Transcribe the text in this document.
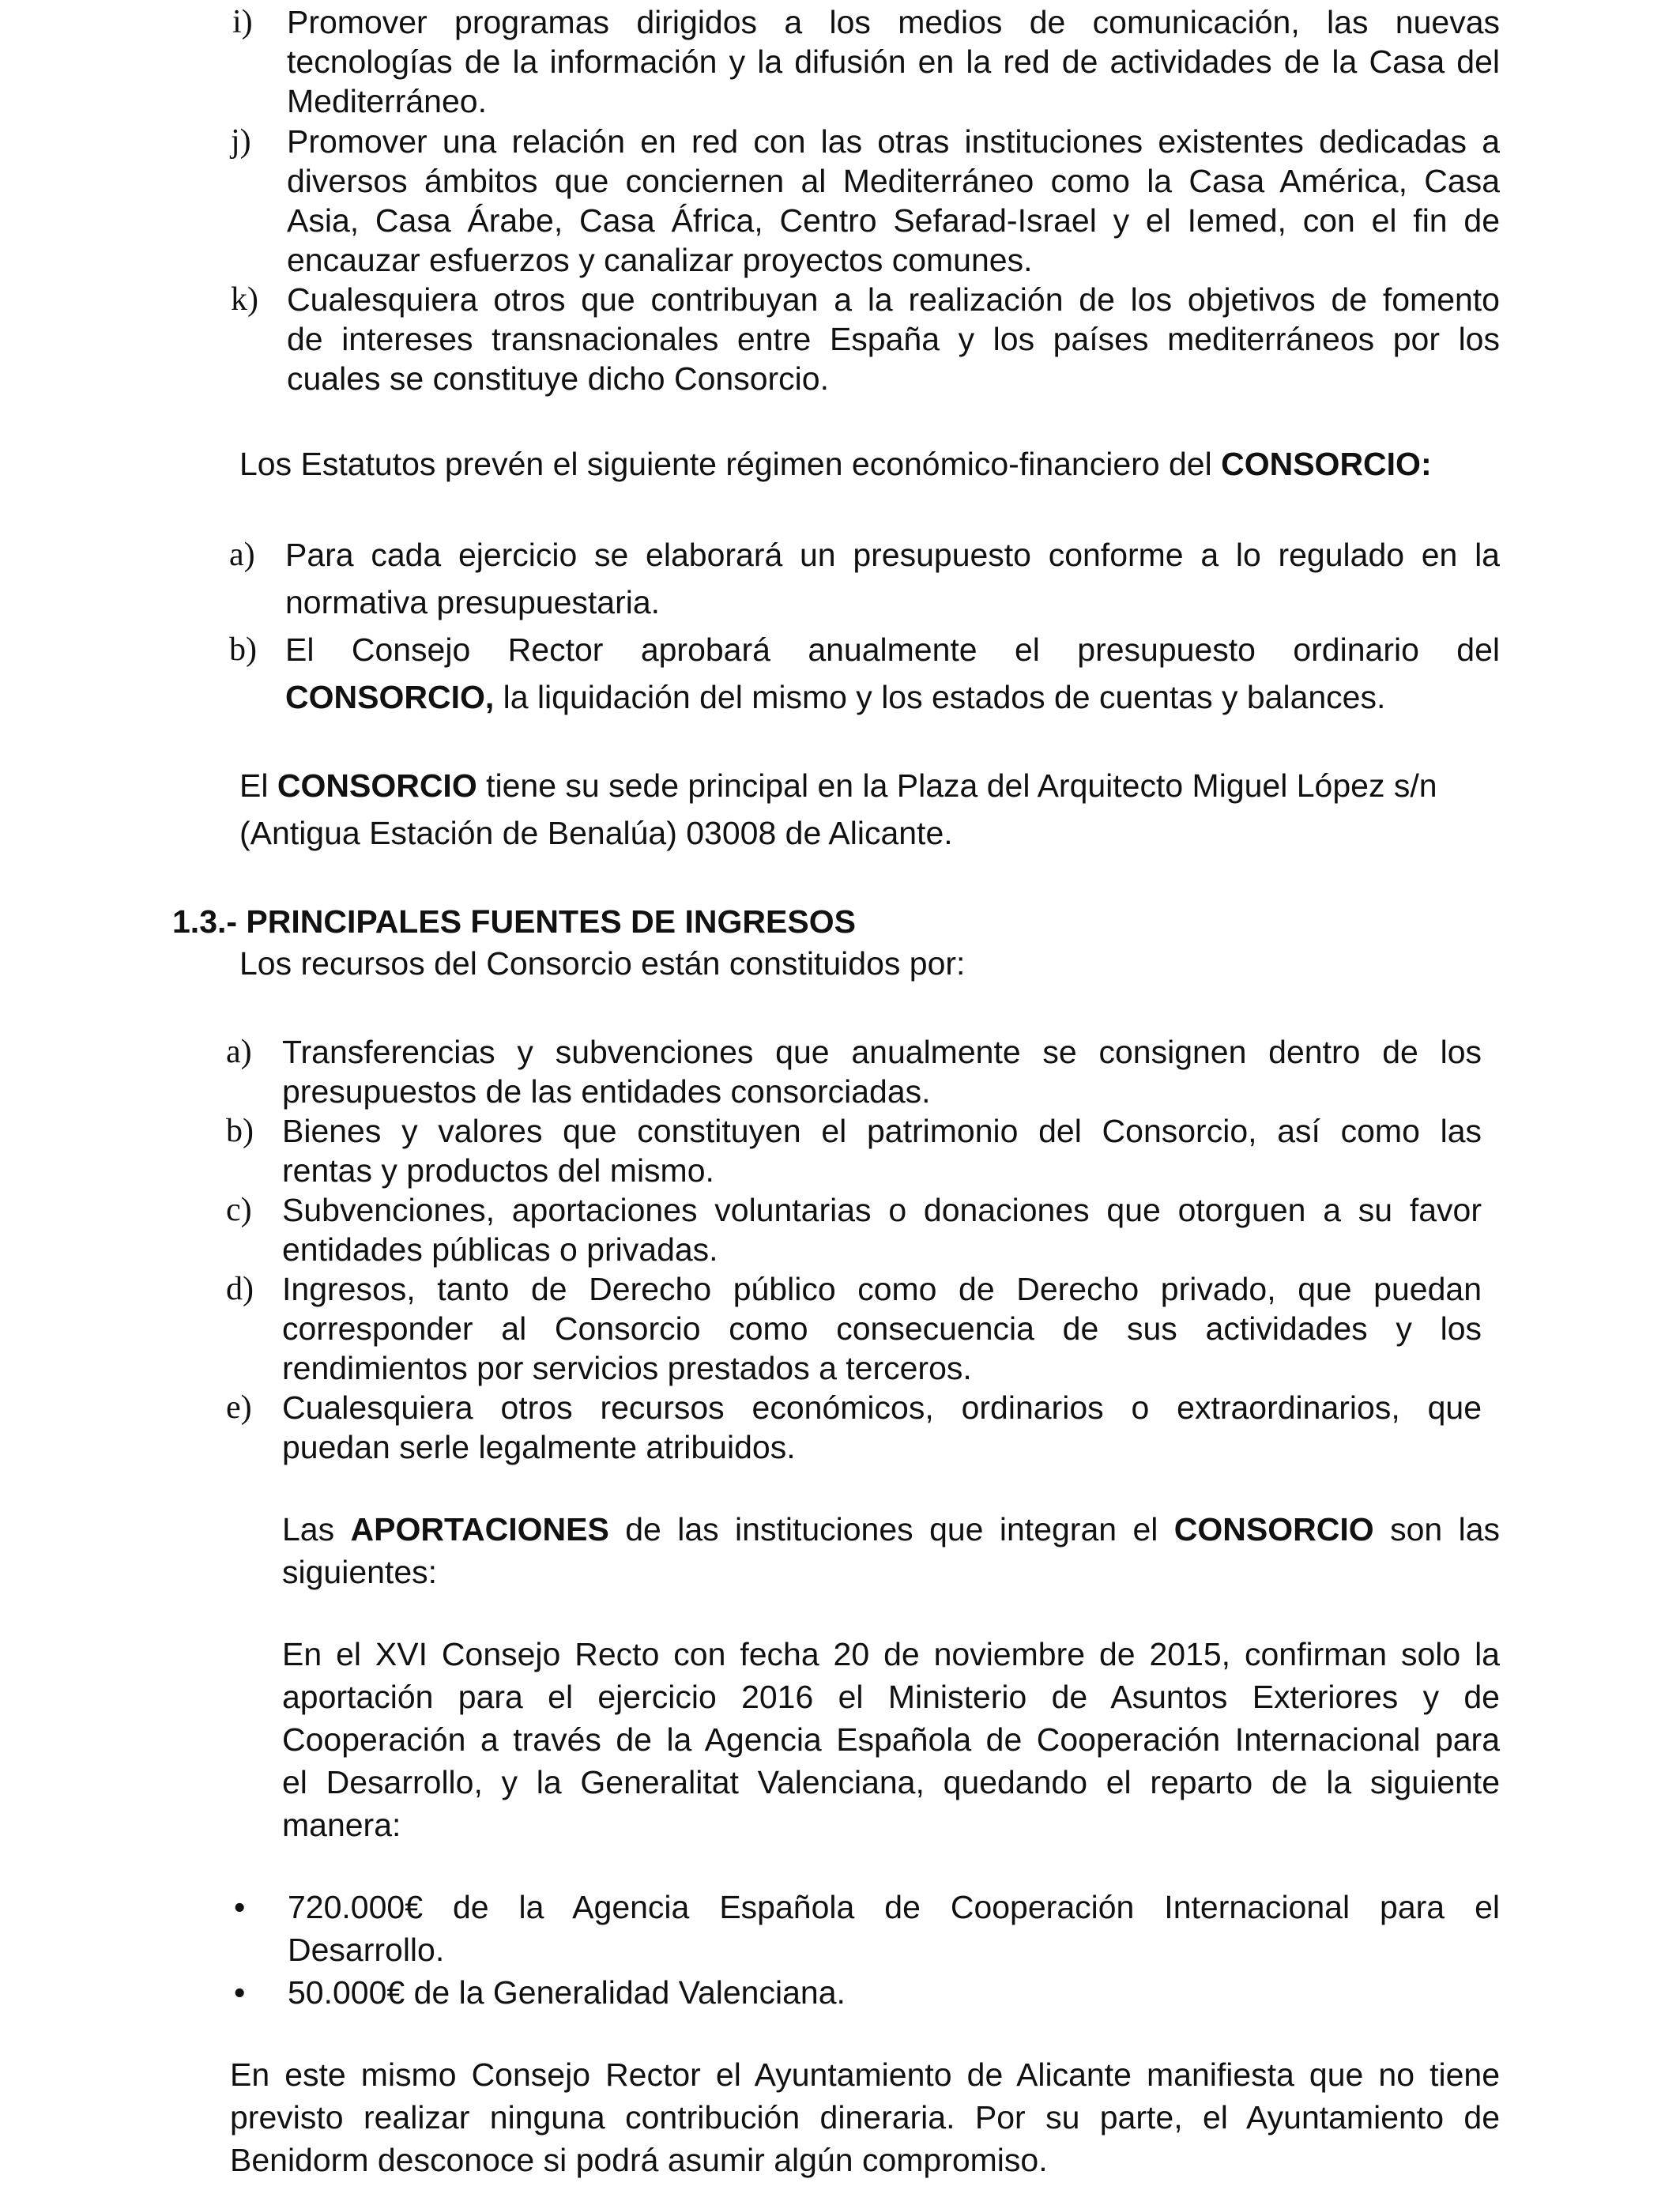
i) Promover programas dirigidos a los medios de comunicación, las nuevas
tecnologías de la información y la difusión en la red de actividades de la Casa del
Mediterráneo.
j) Promover una relación en red con las otras instituciones existentes dedicadas a
diversos ámbitos que conciernen al Mediterráneo como la Casa América, Casa
Asia, Casa Árabe, Casa África, Centro Sefarad-Israel y el Iemed, con el fin de
encauzar esfuerzos y canalizar proyectos comunes.
k) Cualesquiera otros que contribuyan a la realización de los objetivos de fomento
de intereses transnacionales entre España y los países mediterráneos por los
cuales se constituye dicho Consorcio.
Los Estatutos prevén el siguiente régimen económico-financiero del CONSORCIO:
a) Para cada ejercicio se elaborará un presupuesto conforme a lo regulado en la
normativa presupuestaria.
b) El Consejo Rector aprobará anualmente el presupuesto ordinario del
CONSORCIO, la liquidación del mismo y los estados de cuentas y balances.
El CONSORCIO tiene su sede principal en la Plaza del Arquitecto Miguel López s/n
(Antigua Estación de Benalúa) 03008 de Alicante.
1.3.- PRINCIPALES FUENTES DE INGRESOS
Los recursos del Consorcio están constituidos por:
a) Transferencias y subvenciones que anualmente se consignen dentro de los
presupuestos de las entidades consorciadas.
b) Bienes y valores que constituyen el patrimonio del Consorcio, así como las
rentas y productos del mismo.
c) Subvenciones, aportaciones voluntarias o donaciones que otorguen a su favor
entidades públicas o privadas.
d) Ingresos, tanto de Derecho público como de Derecho privado, que puedan
corresponder al Consorcio como consecuencia de sus actividades y los
rendimientos por servicios prestados a terceros.
e) Cualesquiera otros recursos económicos, ordinarios o extraordinarios, que
puedan serle legalmente atribuidos.
Las APORTACIONES de las instituciones que integran el CONSORCIO son las
siguientes:
En el XVI Consejo Recto con fecha 20 de noviembre de 2015, confirman solo la
aportación para el ejercicio 2016 el Ministerio de Asuntos Exteriores y de
Cooperación a través de la Agencia Española de Cooperación Internacional para
el Desarrollo, y la Generalitat Valenciana, quedando el reparto de la siguiente
manera:
• 720.000€ de la Agencia Española de Cooperación Internacional para el
Desarrollo.
• 50.000€ de la Generalidad Valenciana.
En este mismo Consejo Rector el Ayuntamiento de Alicante manifiesta que no tiene
previsto realizar ninguna contribución dineraria. Por su parte, el Ayuntamiento de
Benidorm desconoce si podrá asumir algún compromiso.
